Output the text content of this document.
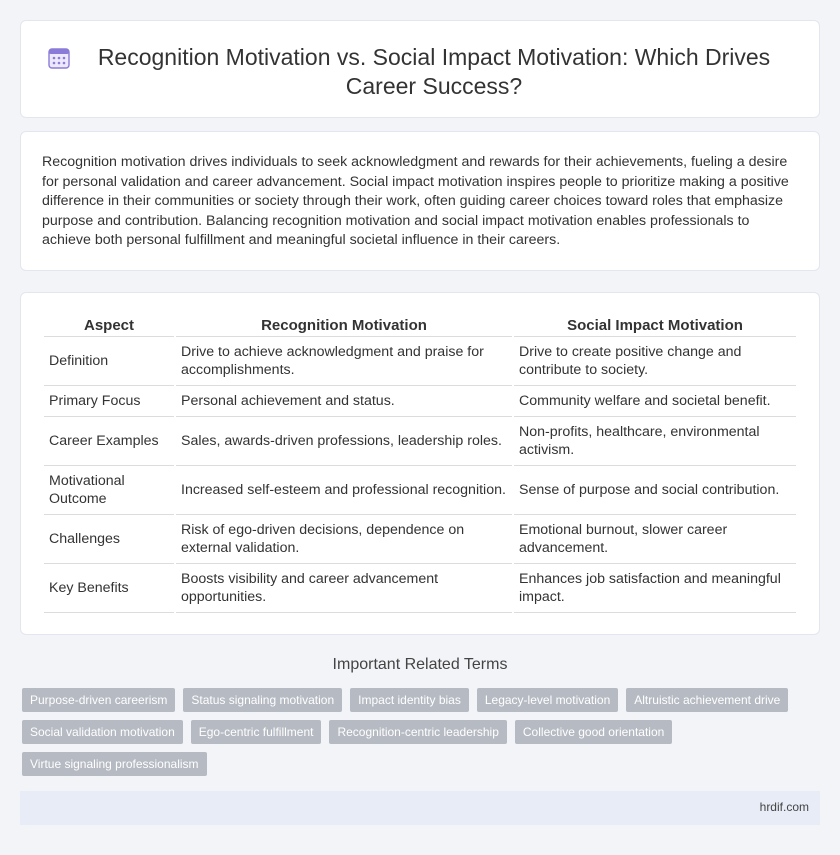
Recognition Motivation vs. Social Impact Motivation: Which Drives Career Success?

Recognition motivation drives individuals to seek acknowledgment and rewards for their achievements, fueling a desire for personal validation and career advancement. Social impact motivation inspires people to prioritize making a positive difference in their communities or society through their work, often guiding career choices toward roles that emphasize purpose and contribution. Balancing recognition motivation and social impact motivation enables professionals to achieve both personal fulfillment and meaningful societal influence in their careers.

Aspect	Recognition Motivation	Social Impact Motivation
Definition	Drive to achieve acknowledgment and praise for accomplishments.	Drive to create positive change and contribute to society.
Primary Focus	Personal achievement and status.	Community welfare and societal benefit.
Career Examples	Sales, awards-driven professions, leadership roles.	Non-profits, healthcare, environmental activism.
Motivational Outcome	Increased self-esteem and professional recognition.	Sense of purpose and social contribution.
Challenges	Risk of ego-driven decisions, dependence on external validation.	Emotional burnout, slower career advancement.
Key Benefits	Boosts visibility and career advancement opportunities.	Enhances job satisfaction and meaningful impact.
Important Related Terms
Purpose-driven careerism	Status signaling motivation	Impact identity bias	Legacy-level motivation	Altruistic achievement drive
Social validation motivation	Ego-centric fulfillment	Recognition-centric leadership	Collective good orientation
Virtue signaling professionalism
hrdif.com
